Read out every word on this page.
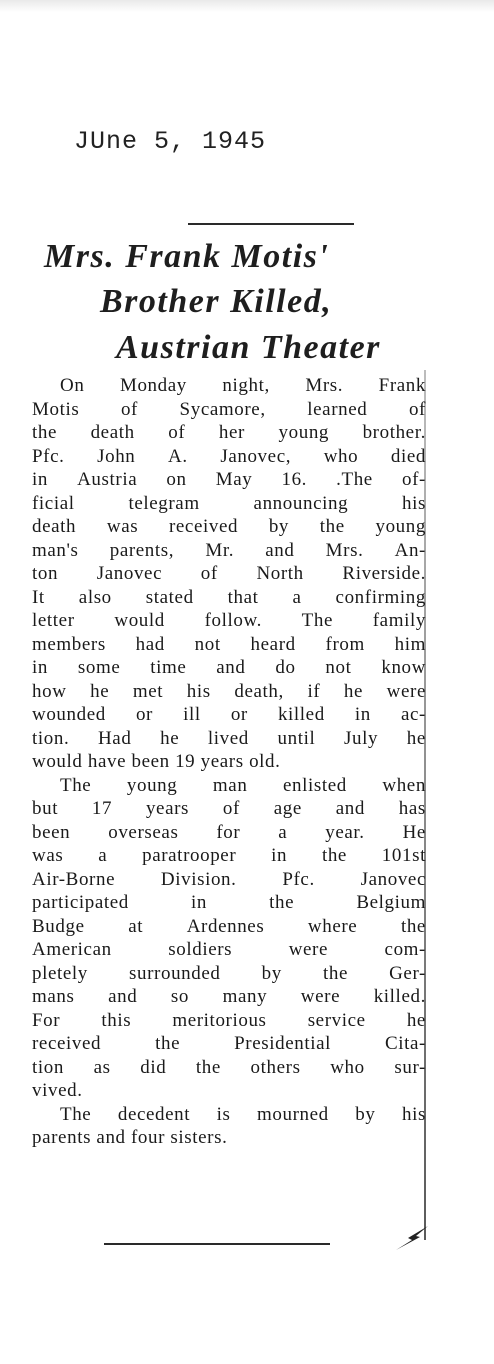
JUne 5, 1945
Mrs. Frank Motis'
Brother Killed,
Austrian Theater
On Monday night, Mrs. Frank
Motis of Sycamore, learned of
the death of her young brother.
Pfc. John A. Janovec, who died
in Austria on May 16. .The of-
ficial	telegram	announcing	his
death was received by the young
man's parents, Mr. and Mrs. An-
ton Janovec of North Riverside.
It also stated that a confirming
letter would follow. The family
members had not heard from him
in some time and do not know
how he met his death, if he were
wounded or ill or killed in ac-
tion. Had he lived until July he
would have been 19 years old.
The young man enlisted when
but 17 years of age and has
been overseas for a year. He
was a paratrooper in the 101st
Air-Borne Division. Pfc. Janovec
participated	in	the	Belgium
Budge at Ardennes where the
American	soldiers	were	com-
pletely surrounded by the Ger-
mans and so many were killed.
For this meritorious service he
received	the	Presidential	Cita-
tion as did the others who sur-
vived.
The decedent is mourned by his
parents and four sisters.
